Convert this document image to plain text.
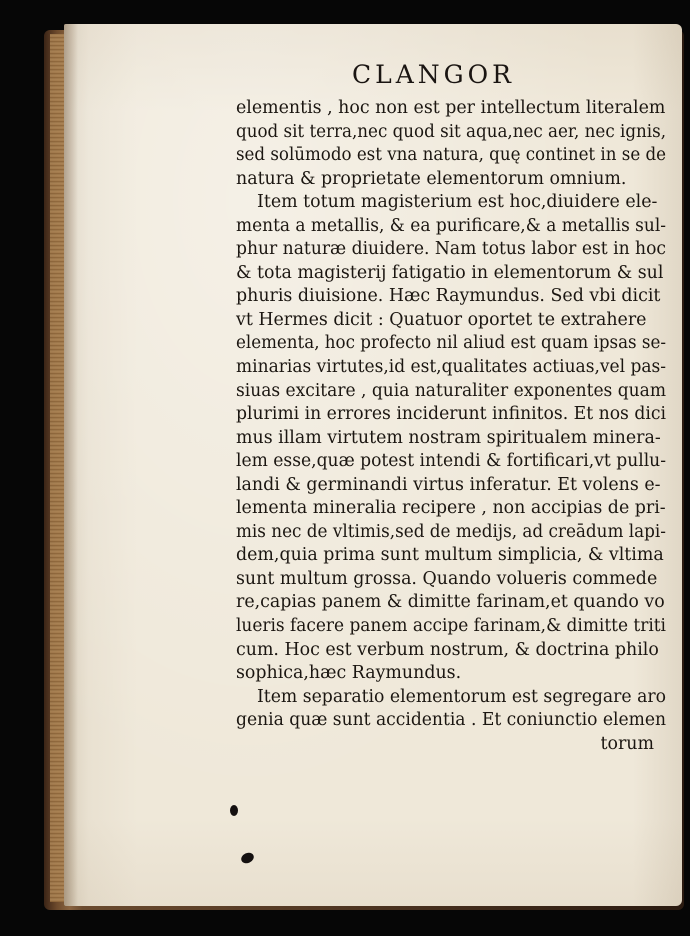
CLANGOR
elementis , hoc non est per intellectum literalem
quod sit terra,nec quod sit aqua,nec aer, nec ignis,
sed solūmodo est vna natura, quę continet in se de
natura & proprietate elementorum omnium.
Item totum magisterium est hoc,diuidere ele-
menta a metallis, & ea purificare,& a metallis sul-
phur naturæ diuidere. Nam totus labor est in hoc
& tota magisterij fatigatio in elementorum & sul
phuris diuisione. Hæc Raymundus. Sed vbi dicit
vt Hermes dicit : Quatuor oportet te extrahere
elementa, hoc profecto nil aliud est quam ipsas se-
minarias virtutes,id est,qualitates actiuas,vel pas-
siuas excitare , quia naturaliter exponentes quam
plurimi in errores inciderunt infinitos. Et nos dici
mus illam virtutem nostram spiritualem minera-
lem esse,quæ potest intendi & fortificari,vt pullu-
landi & germinandi virtus inferatur. Et volens e-
lementa mineralia recipere , non accipias de pri-
mis nec de vltimis,sed de medijs, ad creādum lapi-
dem,quia prima sunt multum simplicia, & vltima
sunt multum grossa. Quando volueris commede
re,capias panem & dimitte farinam,et quando vo
lueris facere panem accipe farinam,& dimitte triti
cum. Hoc est verbum nostrum, & doctrina philo
sophica,hæc Raymundus.
Item separatio elementorum est segregare aro
genia quæ sunt accidentia . Et coniunctio elemen
torum
